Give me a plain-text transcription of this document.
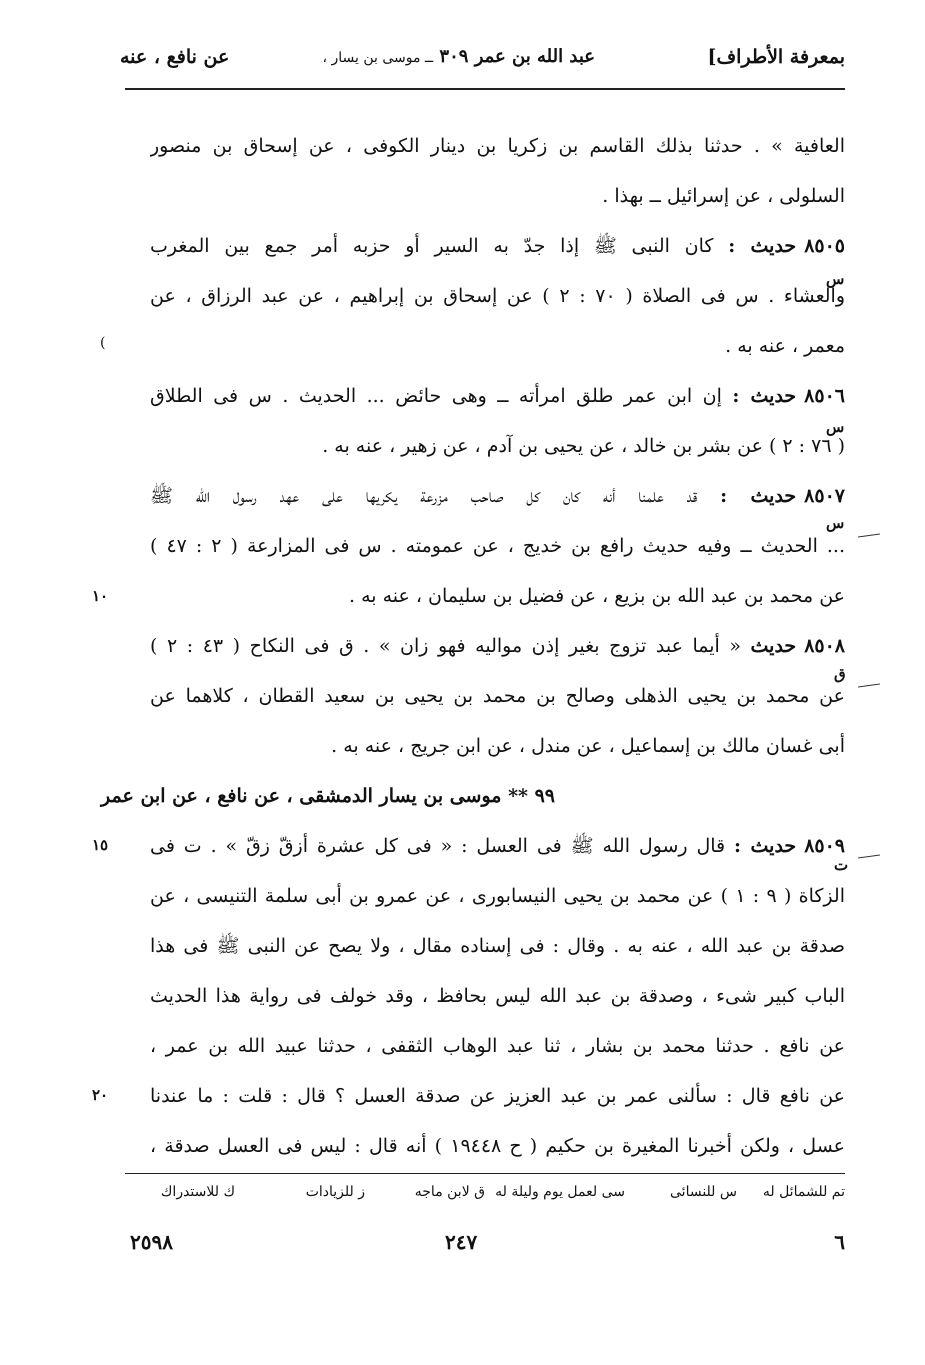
بمعرفة الأطراف]
عبد الله بن عمر ٣٠٩ ــ موسى بن يسار ،
عن نافع ، عنه
العافية » . حدثنا بذلك القاسم بن زكريا بن دينار الكوفى ، عن إسحاق بن منصور
السلولى ، عن إسرائيل ــ بهذا .
٨٥٠٥حديث : كان النبى ﷺ إذا جدّ به السير أو حزبه أمر جمع بين المغرب
والعشاء . س فى الصلاة ( ٧٠ : ٢ ) عن إسحاق بن إبراهيم ، عن عبد الرزاق ، عن
معمر ، عنه به .
٨٥٠٦حديث : إن ابن عمر طلق امرأته ــ وهى حائض ... الحديث . س فى الطلاق
( ٧٦ : ٢ ) عن بشر بن خالد ، عن يحيى بن آدم ، عن زهير ، عنه به .
٨٥٠٧حديث : قد علمنا أنه كان كل صاحب مزرعة يكريها على عهد رسول الله ﷺ
... الحديث ــ وفيه حديث رافع بن خديج ، عن عمومته . س فى المزارعة ( ٢ : ٤٧ )
عن محمد بن عبد الله بن بزيع ، عن فضيل بن سليمان ، عنه به .
٨٥٠٨حديث « أيما عبد تزوج بغير إذن مواليه فهو زان » . ق فى النكاح ( ٤٣ : ٢ )
عن محمد بن يحيى الذهلى وصالح بن محمد بن يحيى بن سعيد القطان ، كلاهما عن
أبى غسان مالك بن إسماعيل ، عن مندل ، عن ابن جريج ، عنه به .
٩٩ ** موسى بن يسار الدمشقى ، عن نافع ، عن ابن عمر
٨٥٠٩حديث : قال رسول الله ﷺ فى العسل : « فى كل عشرة أزقّ زقّ » . ت فى
الزكاة ( ٩ : ١ ) عن محمد بن يحيى النيسابورى ، عن عمرو بن أبى سلمة التنيسى ، عن
صدقة بن عبد الله ، عنه به . وقال : فى إسناده مقال ، ولا يصح عن النبى ﷺ فى هذا
الباب كبير شىء ، وصدقة بن عبد الله ليس بحافظ ، وقد خولف فى رواية هذا الحديث
عن نافع . حدثنا محمد بن بشار ، ثنا عبد الوهاب الثقفى ، حدثنا عبيد الله بن عمر ،
عن نافع قال : سألنى عمر بن عبد العزيز عن صدقة العسل ؟ قال : قلت : ما عندنا
عسل ، ولكن أخبرنا المغيرة بن حكيم ( ح ١٩٤٤٨ ) أنه قال : ليس فى العسل صدقة ،
س
س
س
ق
ت
(
١٠
١٥
٢٠
تم للشمائل له
س للنسائى
سى لعمل يوم وليلة له
ق لابن ماجه
ز للزيادات
ك للاستدراك
٦
٢٤٧
٢٥٩٨
